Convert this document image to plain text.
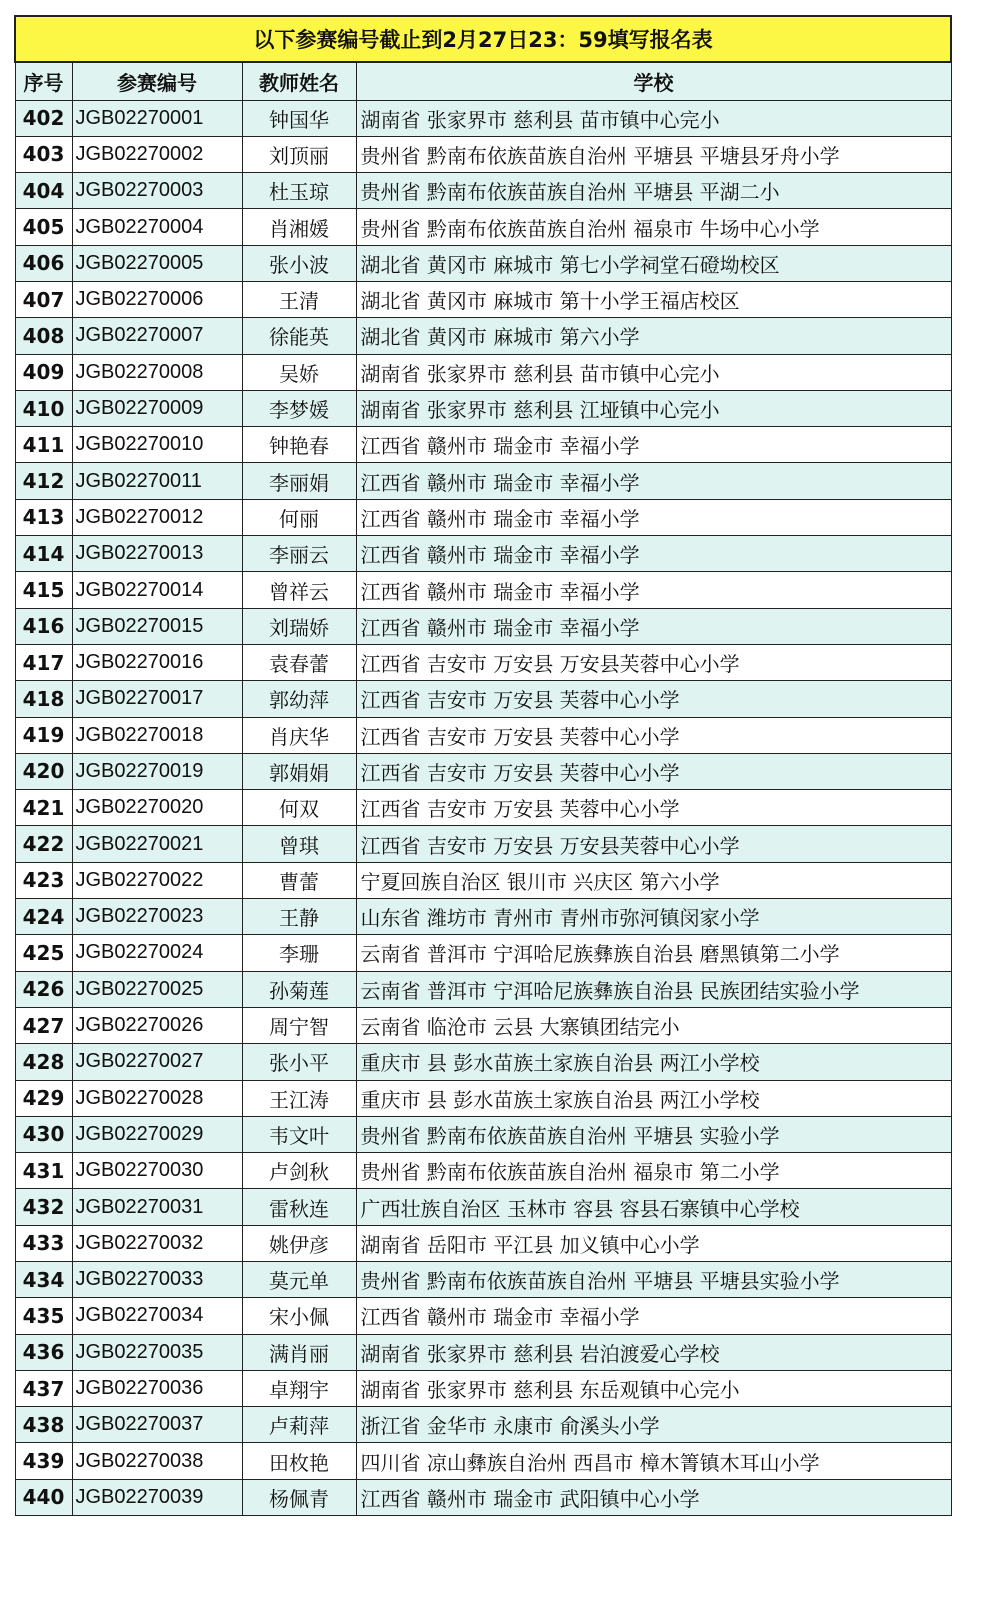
以下参赛编号截止到2月27日23：59填写报名表			
序号	参赛编号	教师姓名	学校
402	JGB02270001	钟国华	湖南省 张家界市 慈利县 苗市镇中心完小
403	JGB02270002	刘顶丽	贵州省 黔南布依族苗族自治州 平塘县 平塘县牙舟小学
404	JGB02270003	杜玉琼	贵州省 黔南布依族苗族自治州 平塘县 平湖二小
405	JGB02270004	肖湘媛	贵州省 黔南布依族苗族自治州 福泉市 牛场中心小学
406	JGB02270005	张小波	湖北省 黄冈市 麻城市 第七小学祠堂石磴坳校区
407	JGB02270006	王清	湖北省 黄冈市 麻城市 第十小学王福店校区
408	JGB02270007	徐能英	湖北省 黄冈市 麻城市 第六小学
409	JGB02270008	吴娇	湖南省 张家界市 慈利县 苗市镇中心完小
410	JGB02270009	李梦媛	湖南省 张家界市 慈利县 江垭镇中心完小
411	JGB02270010	钟艳春	江西省 赣州市 瑞金市 幸福小学
412	JGB02270011	李丽娟	江西省 赣州市 瑞金市 幸福小学
413	JGB02270012	何丽	江西省 赣州市 瑞金市 幸福小学
414	JGB02270013	李丽云	江西省 赣州市 瑞金市 幸福小学
415	JGB02270014	曾祥云	江西省 赣州市 瑞金市 幸福小学
416	JGB02270015	刘瑞娇	江西省 赣州市 瑞金市 幸福小学
417	JGB02270016	袁春蕾	江西省 吉安市 万安县 万安县芙蓉中心小学
418	JGB02270017	郭幼萍	江西省 吉安市 万安县 芙蓉中心小学
419	JGB02270018	肖庆华	江西省 吉安市 万安县 芙蓉中心小学
420	JGB02270019	郭娟娟	江西省 吉安市 万安县 芙蓉中心小学
421	JGB02270020	何双	江西省 吉安市 万安县 芙蓉中心小学
422	JGB02270021	曾琪	江西省 吉安市 万安县 万安县芙蓉中心小学
423	JGB02270022	曹蕾	宁夏回族自治区 银川市 兴庆区 第六小学
424	JGB02270023	王静	山东省 潍坊市 青州市 青州市弥河镇闵家小学
425	JGB02270024	李珊	云南省 普洱市 宁洱哈尼族彝族自治县 磨黑镇第二小学
426	JGB02270025	孙菊莲	云南省 普洱市 宁洱哈尼族彝族自治县 民族团结实验小学
427	JGB02270026	周宁智	云南省 临沧市 云县 大寨镇团结完小
428	JGB02270027	张小平	重庆市 县 彭水苗族土家族自治县 两江小学校
429	JGB02270028	王江涛	重庆市 县 彭水苗族土家族自治县 两江小学校
430	JGB02270029	韦文叶	贵州省 黔南布依族苗族自治州 平塘县 实验小学
431	JGB02270030	卢剑秋	贵州省 黔南布依族苗族自治州 福泉市 第二小学
432	JGB02270031	雷秋连	广西壮族自治区 玉林市 容县 容县石寨镇中心学校
433	JGB02270032	姚伊彦	湖南省 岳阳市 平江县 加义镇中心小学
434	JGB02270033	莫元单	贵州省 黔南布依族苗族自治州 平塘县 平塘县实验小学
435	JGB02270034	宋小佩	江西省 赣州市 瑞金市 幸福小学
436	JGB02270035	满肖丽	湖南省 张家界市 慈利县 岩泊渡爱心学校
437	JGB02270036	卓翔宇	湖南省 张家界市 慈利县 东岳观镇中心完小
438	JGB02270037	卢莉萍	浙江省 金华市 永康市 俞溪头小学
439	JGB02270038	田枚艳	四川省 凉山彝族自治州 西昌市 樟木箐镇木耳山小学
440	JGB02270039	杨佩青	江西省 赣州市 瑞金市 武阳镇中心小学
